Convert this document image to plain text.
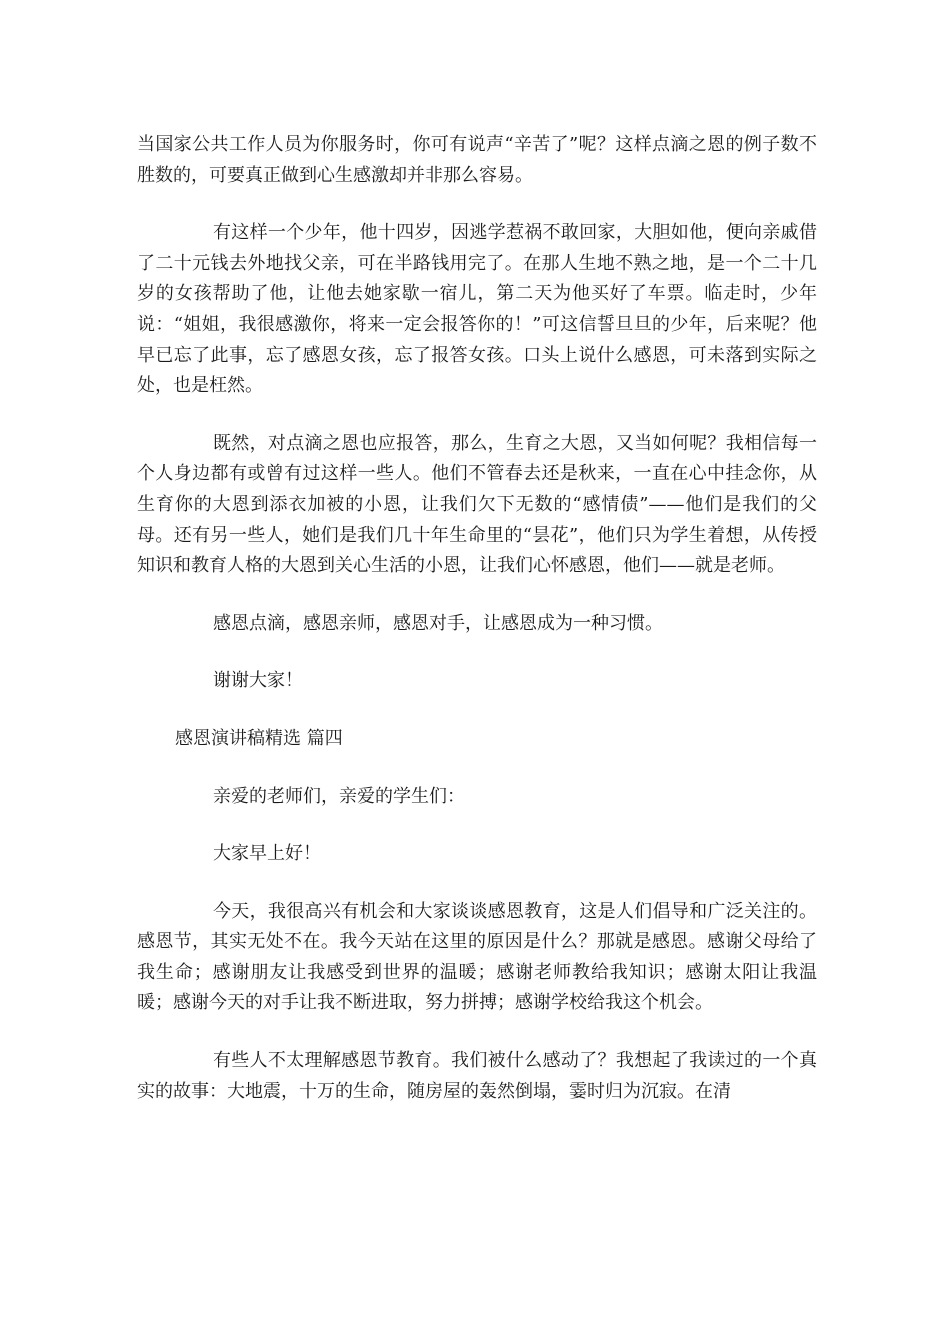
当国家公共工作人员为你服务时，你可有说声“辛苦了”呢？这样点滴之恩的例子数不胜数的，可要真正做到心生感激却并非那么容易。

有这样一个少年，他十四岁，因逃学惹祸不敢回家，大胆如他，便向亲戚借了二十元钱去外地找父亲，可在半路钱用完了。在那人生地不熟之地，是一个二十几岁的女孩帮助了他，让他去她家歇一宿儿，第二天为他买好了车票。临走时，少年说：“姐姐，我很感激你，将来一定会报答你的！”可这信誓旦旦的少年，后来呢？他早已忘了此事，忘了感恩女孩，忘了报答女孩。口头上说什么感恩，可未落到实际之处，也是枉然。

既然，对点滴之恩也应报答，那么，生育之大恩，又当如何呢？我相信每一个人身边都有或曾有过这样一些人。他们不管春去还是秋来，一直在心中挂念你，从生育你的大恩到添衣加被的小恩，让我们欠下无数的“感情债”——他们是我们的父母。还有另一些人，她们是我们几十年生命里的“昙花”，他们只为学生着想，从传授知识和教育人格的大恩到关心生活的小恩，让我们心怀感恩，他们——就是老师。

感恩点滴，感恩亲师，感恩对手，让感恩成为一种习惯。

谢谢大家！

感恩演讲稿精选 篇四

亲爱的老师们，亲爱的学生们：

大家早上好！

今天，我很高兴有机会和大家谈谈感恩教育，这是人们倡导和广泛关注的。感恩节，其实无处不在。我今天站在这里的原因是什么？那就是感恩。感谢父母给了我生命；感谢朋友让我感受到世界的温暖；感谢老师教给我知识；感谢太阳让我温暖；感谢今天的对手让我不断进取，努力拼搏；感谢学校给我这个机会。

有些人不太理解感恩节教育。我们被什么感动了？我想起了我读过的一个真实的故事：大地震，十万的生命，随房屋的轰然倒塌，霎时归为沉寂。在清
